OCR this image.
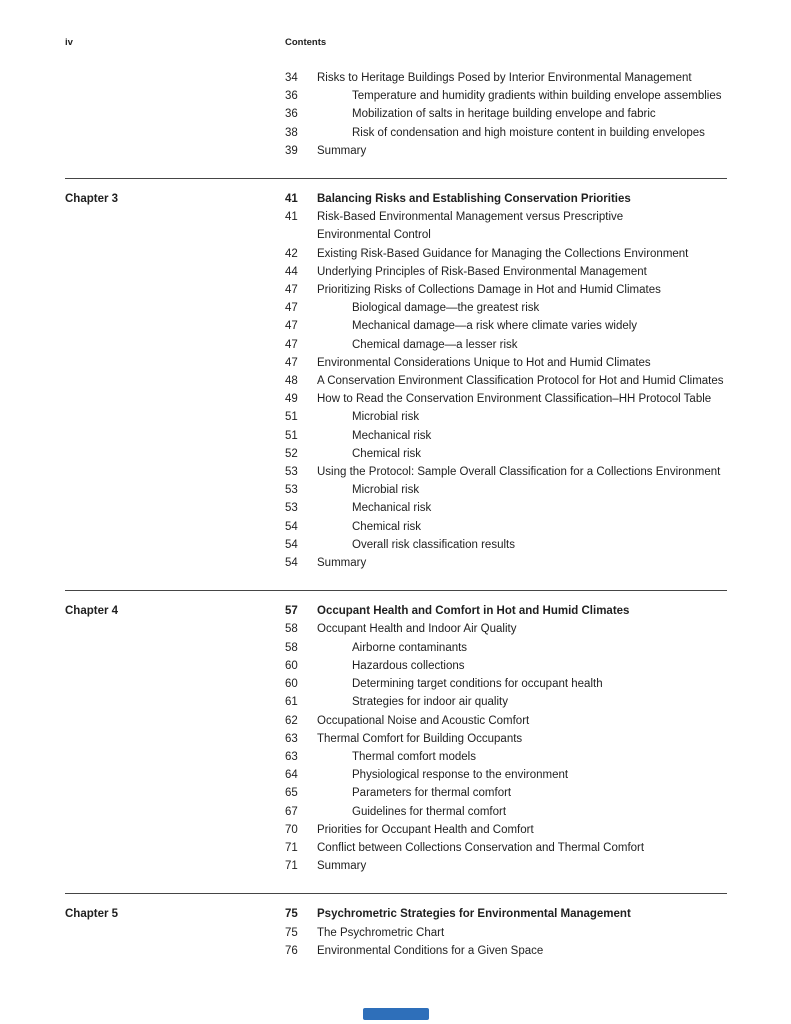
iv	Contents
34	Risks to Heritage Buildings Posed by Interior Environmental Management
36	Temperature and humidity gradients within building envelope assemblies
36	Mobilization of salts in heritage building envelope and fabric
38	Risk of condensation and high moisture content in building envelopes
39	Summary
Chapter 3	41	Balancing Risks and Establishing Conservation Priorities
41	Risk-Based Environmental Management versus Prescriptive
Environmental Control
42	Existing Risk-Based Guidance for Managing the Collections Environment
44	Underlying Principles of Risk-Based Environmental Management
47	Prioritizing Risks of Collections Damage in Hot and Humid Climates
47	Biological damage—the greatest risk
47	Mechanical damage—a risk where climate varies widely
47	Chemical damage—a lesser risk
47	Environmental Considerations Unique to Hot and Humid Climates
48	A Conservation Environment Classification Protocol for Hot and Humid Climates
49	How to Read the Conservation Environment Classification–HH Protocol Table
51	Microbial risk
51	Mechanical risk
52	Chemical risk
53	Using the Protocol: Sample Overall Classification for a Collections Environment
53	Microbial risk
53	Mechanical risk
54	Chemical risk
54	Overall risk classification results
54	Summary
Chapter 4	57	Occupant Health and Comfort in Hot and Humid Climates
58	Occupant Health and Indoor Air Quality
58	Airborne contaminants
60	Hazardous collections
60	Determining target conditions for occupant health
61	Strategies for indoor air quality
62	Occupational Noise and Acoustic Comfort
63	Thermal Comfort for Building Occupants
63	Thermal comfort models
64	Physiological response to the environment
65	Parameters for thermal comfort
67	Guidelines for thermal comfort
70	Priorities for Occupant Health and Comfort
71	Conflict between Collections Conservation and Thermal Comfort
71	Summary
Chapter 5	75	Psychrometric Strategies for Environmental Management
75	The Psychrometric Chart
76	Environmental Conditions for a Given Space
